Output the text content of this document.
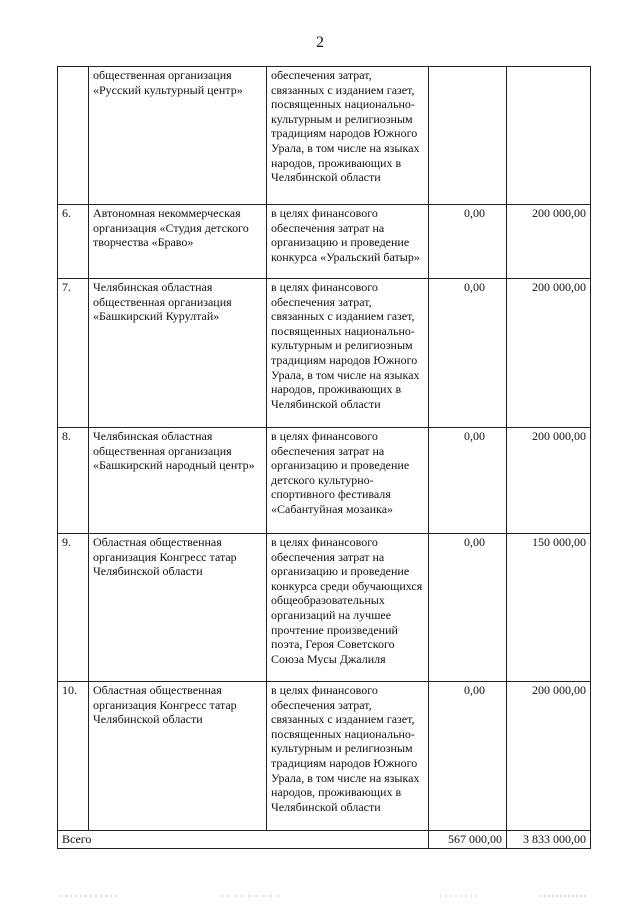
2
	общественная организация «Русский культурный центр»	обеспечения затрат, связанных с изданием газет, посвященных национально-культурным и религиозным традициям народов Южного Урала, в том числе на языках народов, проживающих в Челябинской области		
6.	Автономная некоммерческая организация «Студия детского творчества «Браво»	в целях финансового обеспечения затрат на организацию и проведение конкурса «Уральский батыр»	0,00	200 000,00
7.	Челябинская областная общественная организация «Башкирский Курултай»	в целях финансового обеспечения затрат, связанных с изданием газет, посвященных национально-культурным и религиозным традициям народов Южного Урала, в том числе на языках народов, проживающих в Челябинской области	0,00	200 000,00
8.	Челябинская областная общественная организация «Башкирский народный центр»	в целях финансового обеспечения затрат на организацию и проведение детского культурно-спортивного фестиваля «Сабантуйная мозаика»	0,00	200 000,00
9.	Областная общественная организация Конгресс татар Челябинской области	в целях финансового обеспечения затрат на организацию и проведение конкурса среди обучающихся общеобразовательных организаций на лучшее прочтение произведений поэта, Героя Советского Союза Мусы Джалиля	0,00	150 000,00
10.	Областная общественная организация Конгресс татар Челябинской области	в целях финансового обеспечения затрат, связанных с изданием газет, посвященных национально-культурным и религиозным традициям народов Южного Урала, в том числе на языках народов, проживающих в Челябинской области	0,00	200 000,00
Всего			567 000,00	3 833 000,00
